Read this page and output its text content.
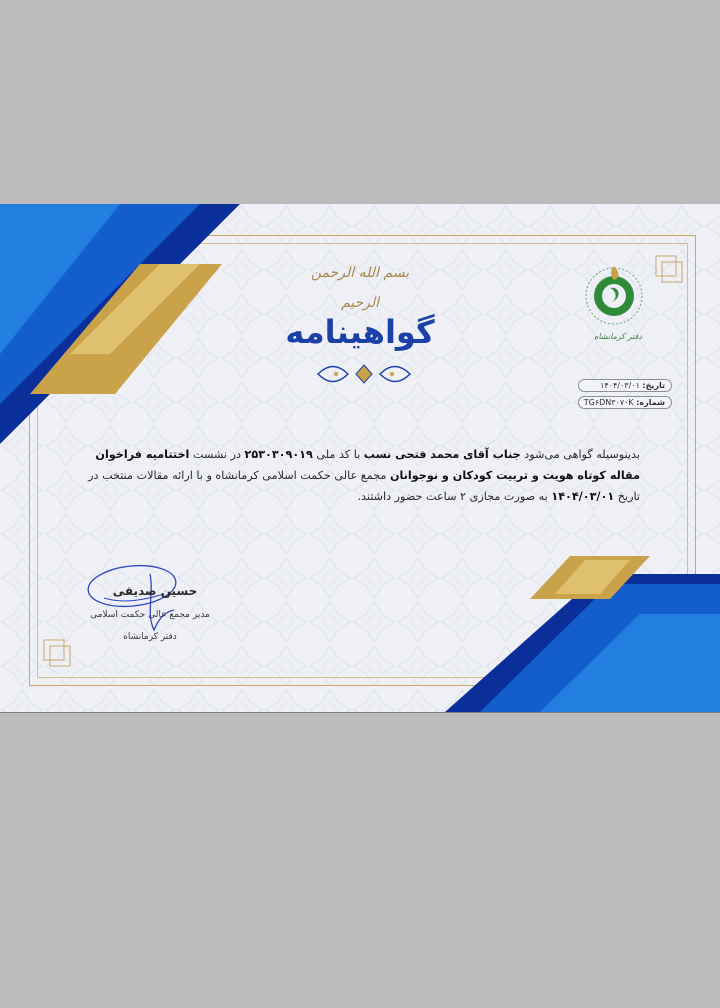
بسم الله الرحمن الرحیم
گواهینامه	دفتر کرمانشاه
تاریخ: ۱۴۰۴/۰۳/۰۱
شماره: TG۶DN۳۰۷۰K
بدینوسیله گواهی می‌شود جناب آقای محمد فتحی نسب با کد ملی ۲۵۳۰۳۰۹۰۱۹ در نشست اختتامیه فراخوان مقاله کوتاه هویت و تربیت کودکان و نوجوانان مجمع عالی حکمت اسلامی کرمانشاه و با ارائه مقالات منتخب در تاریخ ۱۴۰۴/۰۳/۰۱ به صورت مجازی ۲ ساعت حضور داشتند.
حسین صدیقی
مدیر مجمع عالی حکمت اسلامی
دفتر کرمانشاه
